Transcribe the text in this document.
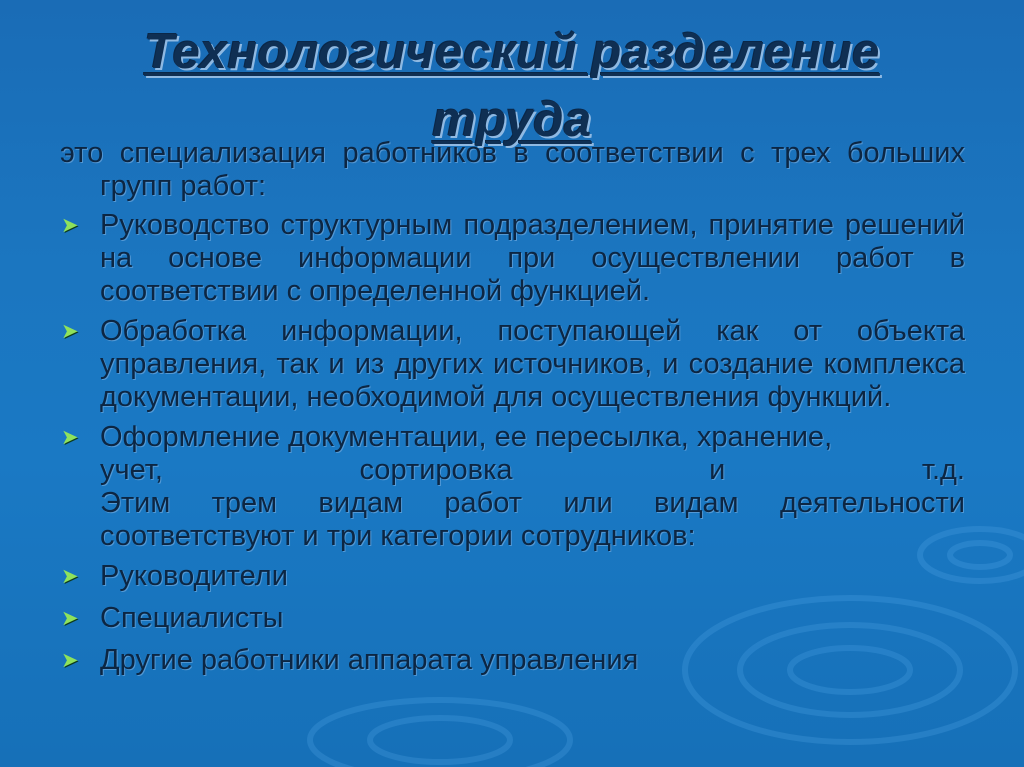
Технологический разделение труда

это специализация работников в соответствии с трех больших групп работ:

➤ Руководство структурным подразделением, принятие решений на основе информации при осуществлении работ в соответствии с определенной функцией.
➤ Обработка информации, поступающей как от объекта управления, так и из других источников, и создание комплекса документации, необходимой для осуществления функций.
➤ Оформление документации, ее пересылка, хранение,
учет,	сортировка	и	т.д.
Этим трем видам работ или видам деятельности соответствуют и три категории сотрудников:
➤ Руководители
➤ Специалисты
➤ Другие работники аппарата управления
